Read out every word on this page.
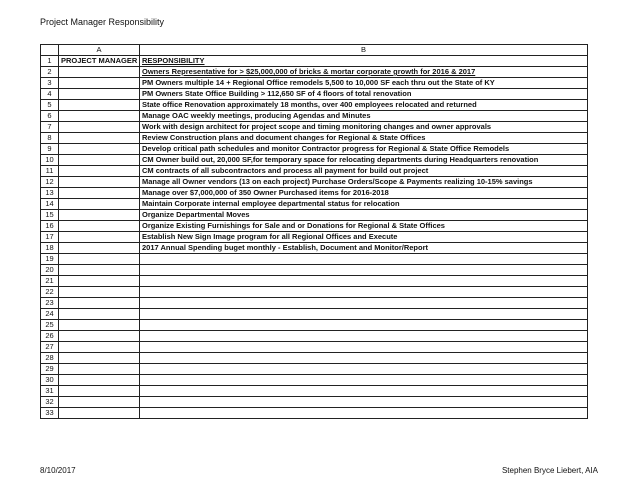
Project Manager Responsibility
	A	B
1	PROJECT MANAGER	RESPONSIBILITY
2		Owners Representative for > $25,000,000 of bricks & mortar corporate growth for 2016 & 2017
3		PM Owners multiple 14 + Regional Office remodels 5,500 to 10,000 SF each thru out the State of KY
4		PM Owners State Office Building > 112,650 SF of 4 floors of total renovation
5		State office Renovation approximately 18 months, over 400 employees relocated and returned
6		Manage OAC weekly meetings, producing Agendas and Minutes
7		Work with design architect for project scope and timing monitoring changes and owner approvals
8		Review Construction plans and document changes for Regional & State Offices
9		Develop critical path schedules and monitor Contractor progress for Regional & State Office Remodels
10		CM Owner build out, 20,000 SF,for temporary space for relocating departments during Headquarters renovation
11		CM contracts of all subcontractors and process all payment for build out project
12		Manage all Owner vendors (13 on each project) Purchase Orders/Scope & Payments realizing 10-15% savings
13		Manage over $7,000,000 of 350 Owner Purchased items for 2016-2018
14		Maintain Corporate internal employee departmental status for relocation
15		Organize Departmental Moves
16		Organize Existing Furnishings for Sale and or Donations for Regional & State Offices
17		Establish New Sign Image program for all Regional Offices and Execute
18		2017 Annual Spending buget monthly - Establish, Document and Monitor/Report
19		
20		
21		
22		
23		
24		
25		
26		
27		
28		
29		
30		
31		
32		
33		
8/10/2017	Stephen Bryce Liebert, AIA
